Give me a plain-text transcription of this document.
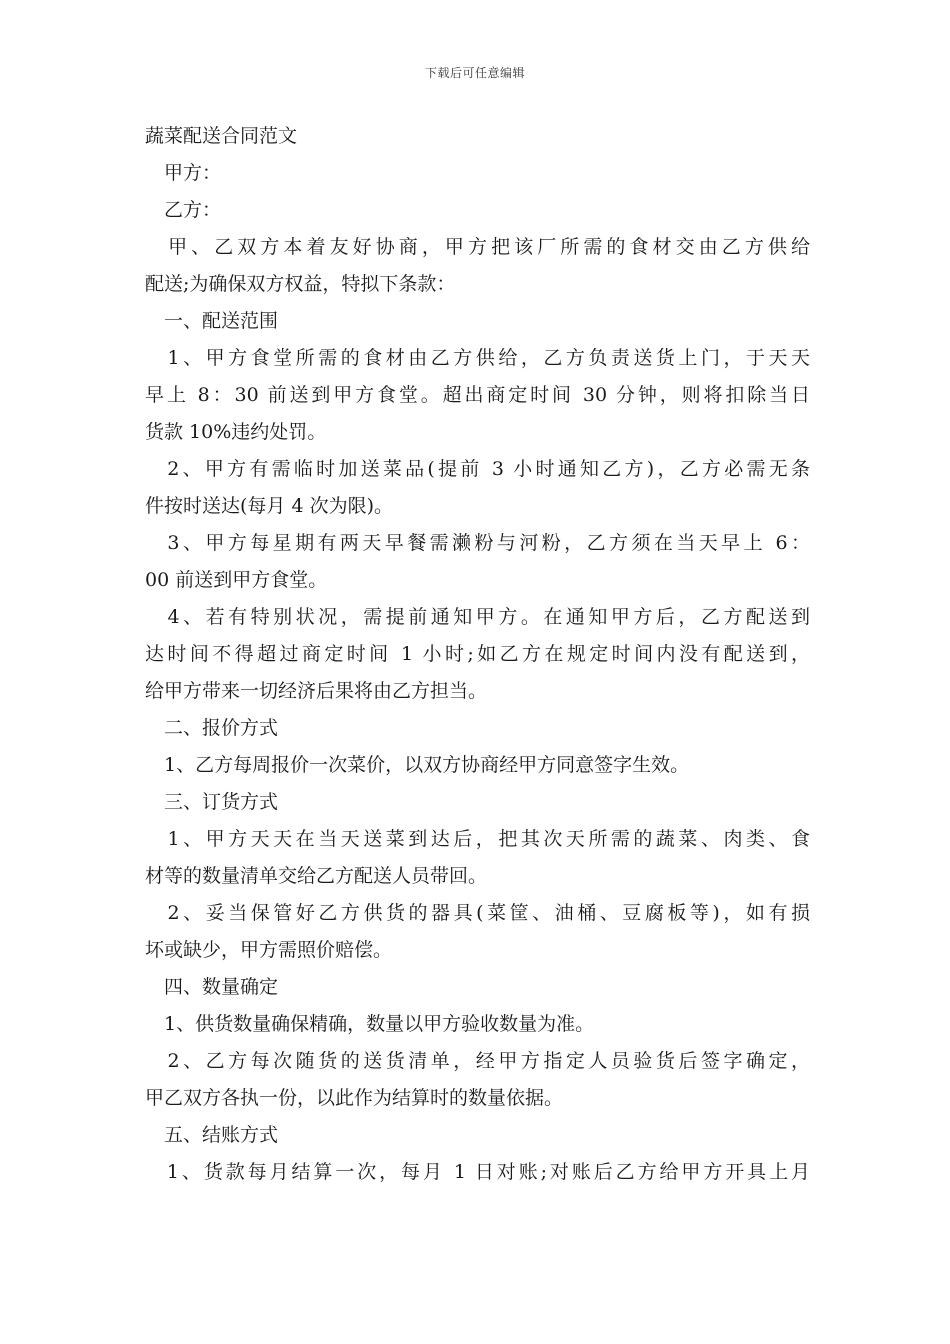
下载后可任意编辑

蔬菜配送合同范文

　甲方：

　乙方：

　甲、乙双方本着友好协商，甲方把该厂所需的食材交由乙方供给

配送;为确保双方权益，特拟下条款：

　一、配送范围

　1、甲方食堂所需的食材由乙方供给，乙方负责送货上门，于天天

早上 8：30 前送到甲方食堂。超出商定时间 30 分钟，则将扣除当日

货款 10%违约处罚。

　2、甲方有需临时加送菜品(提前 3 小时通知乙方)，乙方必需无条

件按时送达(每月 4 次为限)。

　3、甲方每星期有两天早餐需濑粉与河粉，乙方须在当天早上 6：

00 前送到甲方食堂。

　4、若有特别状况，需提前通知甲方。在通知甲方后，乙方配送到

达时间不得超过商定时间 1 小时;如乙方在规定时间内没有配送到，

给甲方带来一切经济后果将由乙方担当。

　二、报价方式

　1、乙方每周报价一次菜价，以双方协商经甲方同意签字生效。

　三、订货方式

　1、甲方天天在当天送菜到达后，把其次天所需的蔬菜、肉类、食

材等的数量清单交给乙方配送人员带回。

　2、妥当保管好乙方供货的器具(菜筐、油桶、豆腐板等)，如有损

坏或缺少，甲方需照价赔偿。

　四、数量确定

　1、供货数量确保精确，数量以甲方验收数量为准。

　2、乙方每次随货的送货清单，经甲方指定人员验货后签字确定，

甲乙双方各执一份，以此作为结算时的数量依据。

　五、结账方式

　1、货款每月结算一次，每月 1 日对账;对账后乙方给甲方开具上月
